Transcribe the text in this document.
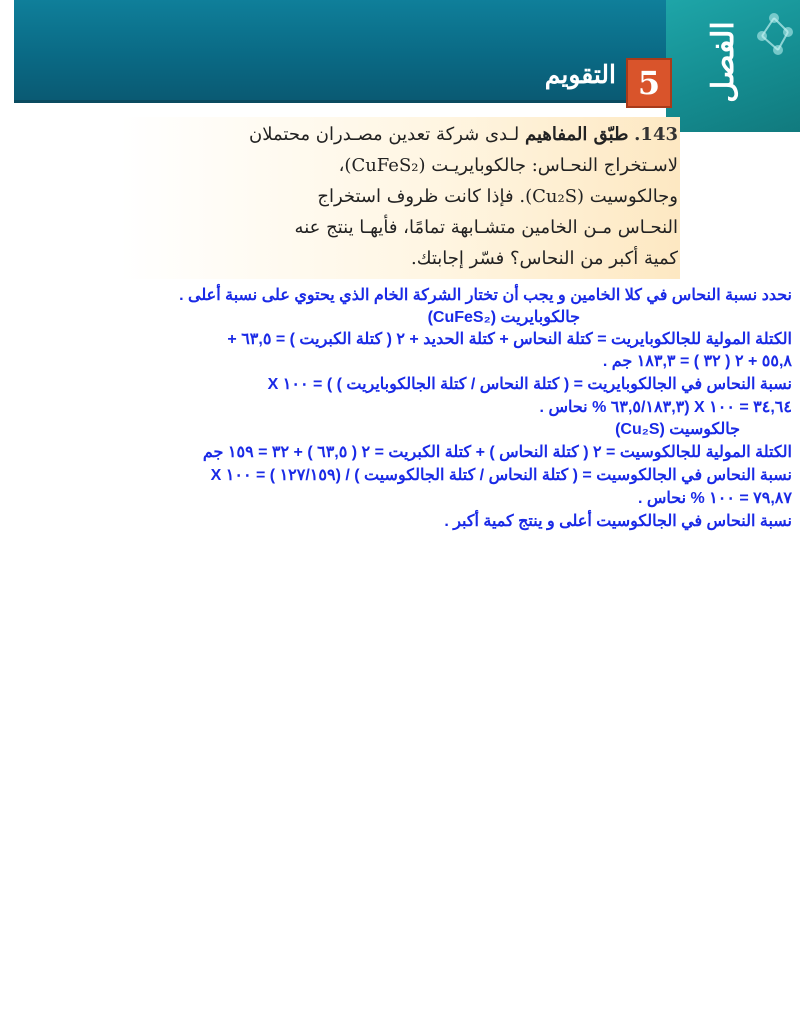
الفصل
5
التقويم
143. طبّق المفاهيم لـدى شركة تعدين مصـدران محتملان
لاسـتخراج النحـاس: جالكوبايريـت (CuFeS₂)،
وجالكوسيت (Cu₂S). فإذا كانت ظروف استخراج
النحـاس مـن الخامين متشـابهة تمامًا، فأيهـا ينتج عنه
كمية أكبر من النحاس؟ فسّر إجابتك.
نحدد نسبة النحاس في كلا الخامين و يجب أن تختار الشركة الخام الذي يحتوي على نسبة أعلى .
جالكوبايريت (CuFeS₂)
الكتلة المولية للجالكوبايريت = كتلة النحاس + كتلة الحديد + ٢ ( كتلة الكبريت ) = ٦٣,٥ +
٥٥,٨ + ٢ ( ٣٢ ) = ١٨٣,٣ جم .
نسبة النحاس في الجالكوبايريت = ( كتلة النحاس / كتلة الجالكوبايريت ) ) = ١٠٠ X
٣٤,٦٤ = ١٠٠ X (٦٣,٥/١٨٣,٣ % نحاس .
جالكوسيت (Cu₂S)
الكتلة المولية للجالكوسيت = ٢ ( كتلة النحاس ) + كتلة الكبريت = ٢ ( ٦٣,٥ ) + ٣٢ = ١٥٩ جم
نسبة النحاس في الجالكوسيت = ( كتلة النحاس / كتلة الجالكوسيت ) / (١٢٧/١٥٩ ) = ١٠٠ X
٧٩,٨٧ = ١٠٠ % نحاس .
نسبة النحاس في الجالكوسيت أعلى و ينتج كمية أكبر .
